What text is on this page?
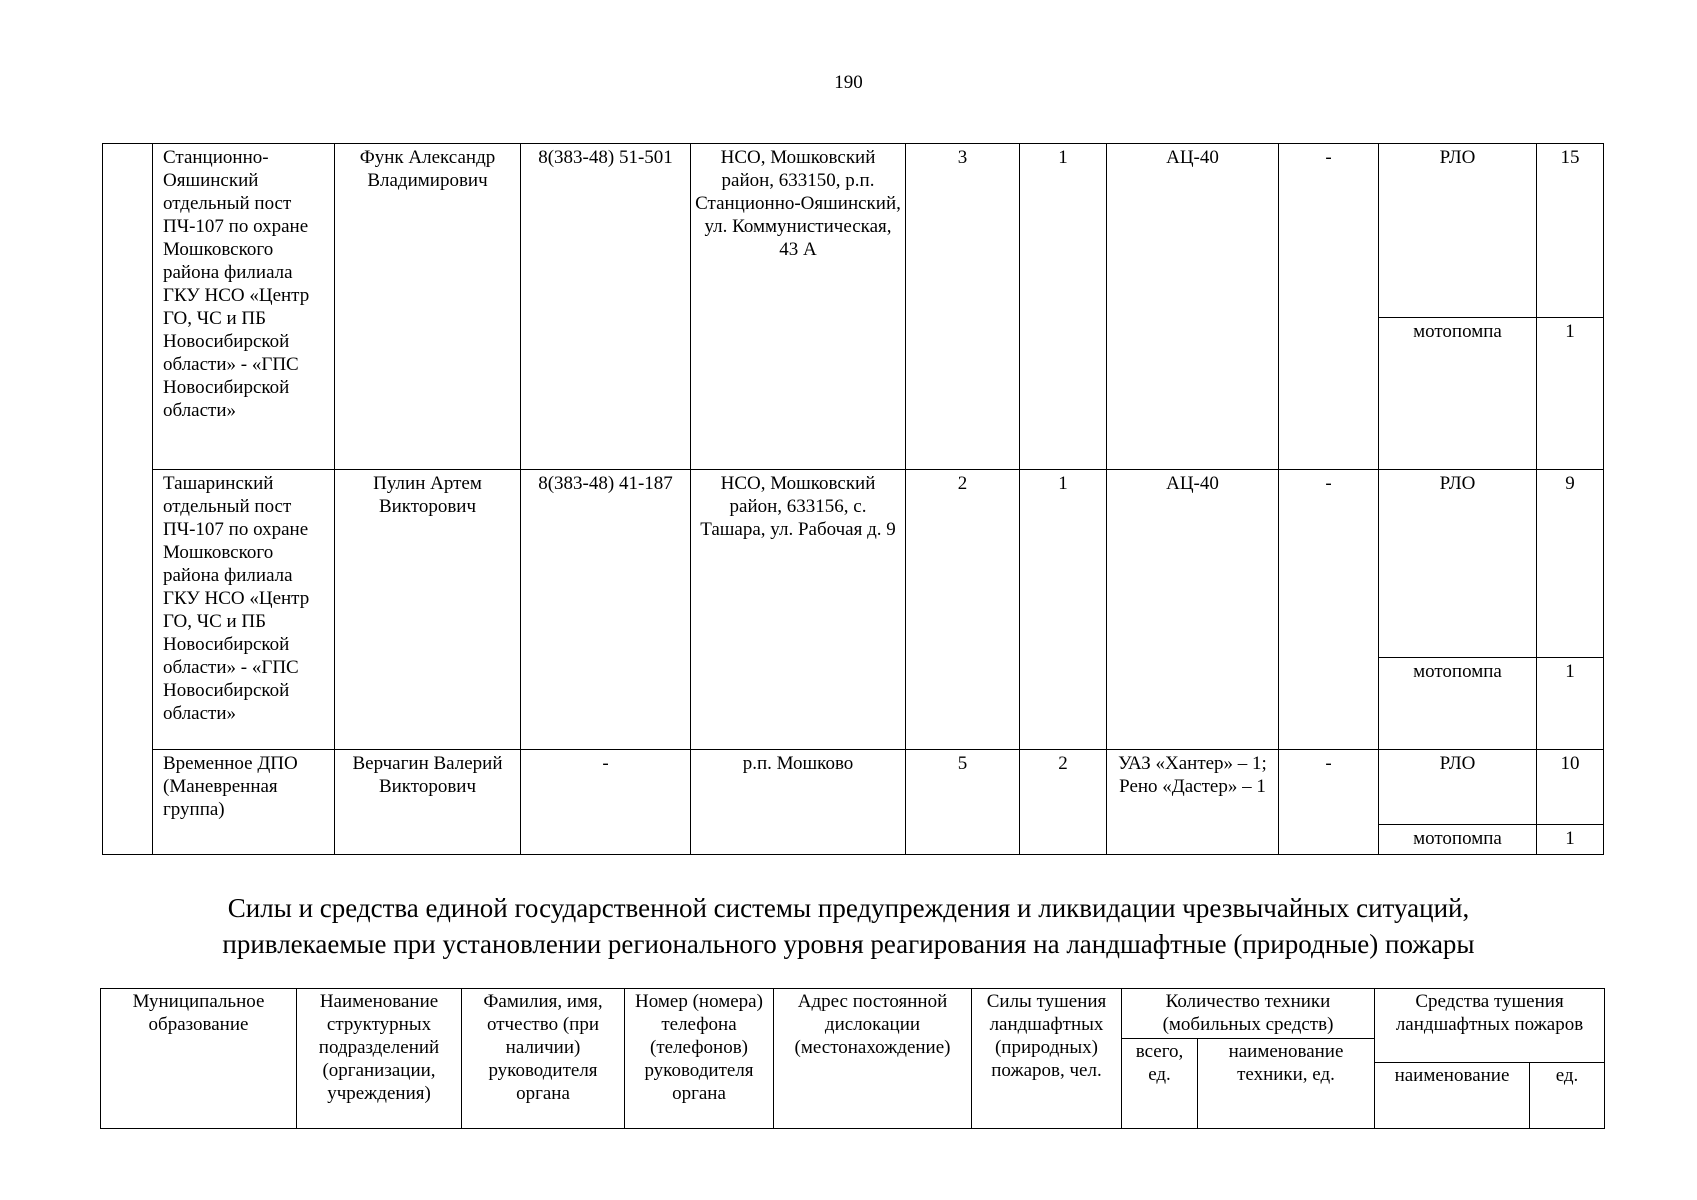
190
	Станционно-Ояшинский отдельный пост ПЧ-107 по охране Мошковского района филиала ГКУ НСО «Центр ГО, ЧС и ПБ Новосибирской области» - «ГПС Новосибирской области»	Функ Александр Владимирович	8(383-48) 51-501	НСО, Мошковский район, 633150, р.п. Станционно-Ояшинский, ул. Коммунистическая, 43 А	3	1	АЦ-40	-	РЛО	15
									мотопомпа	1
	Ташаринский отдельный пост ПЧ-107 по охране Мошковского района филиала ГКУ НСО «Центр ГО, ЧС и ПБ Новосибирской области» - «ГПС Новосибирской области»	Пулин Артем Викторович	8(383-48) 41-187	НСО, Мошковский район, 633156, с. Ташара, ул. Рабочая д. 9	2	1	АЦ-40	-	РЛО	9
									мотопомпа	1
	Временное ДПО (Маневренная группа)	Верчагин Валерий Викторович	-	р.п. Мошково	5	2	УАЗ «Хантер» – 1; Рено «Дастер» – 1	-	РЛО	10
									мотопомпа	1
Силы и средства единой государственной системы предупреждения и ликвидации чрезвычайных ситуаций,
привлекаемые при установлении регионального уровня реагирования на ландшафтные (природные) пожары
Муниципальное образование	Наименование структурных подразделений (организации, учреждения)	Фамилия, имя, отчество (при наличии) руководителя органа	Номер (номера) телефона (телефонов) руководителя органа	Адрес постоянной дислокации (местонахождение)	Силы тушения ландшафтных (природных) пожаров, чел.	Количество техники (мобильных средств)		Средства тушения ландшафтных пожаров	
						всего, ед.	наименование техники, ед.		
								наименование	ед.
